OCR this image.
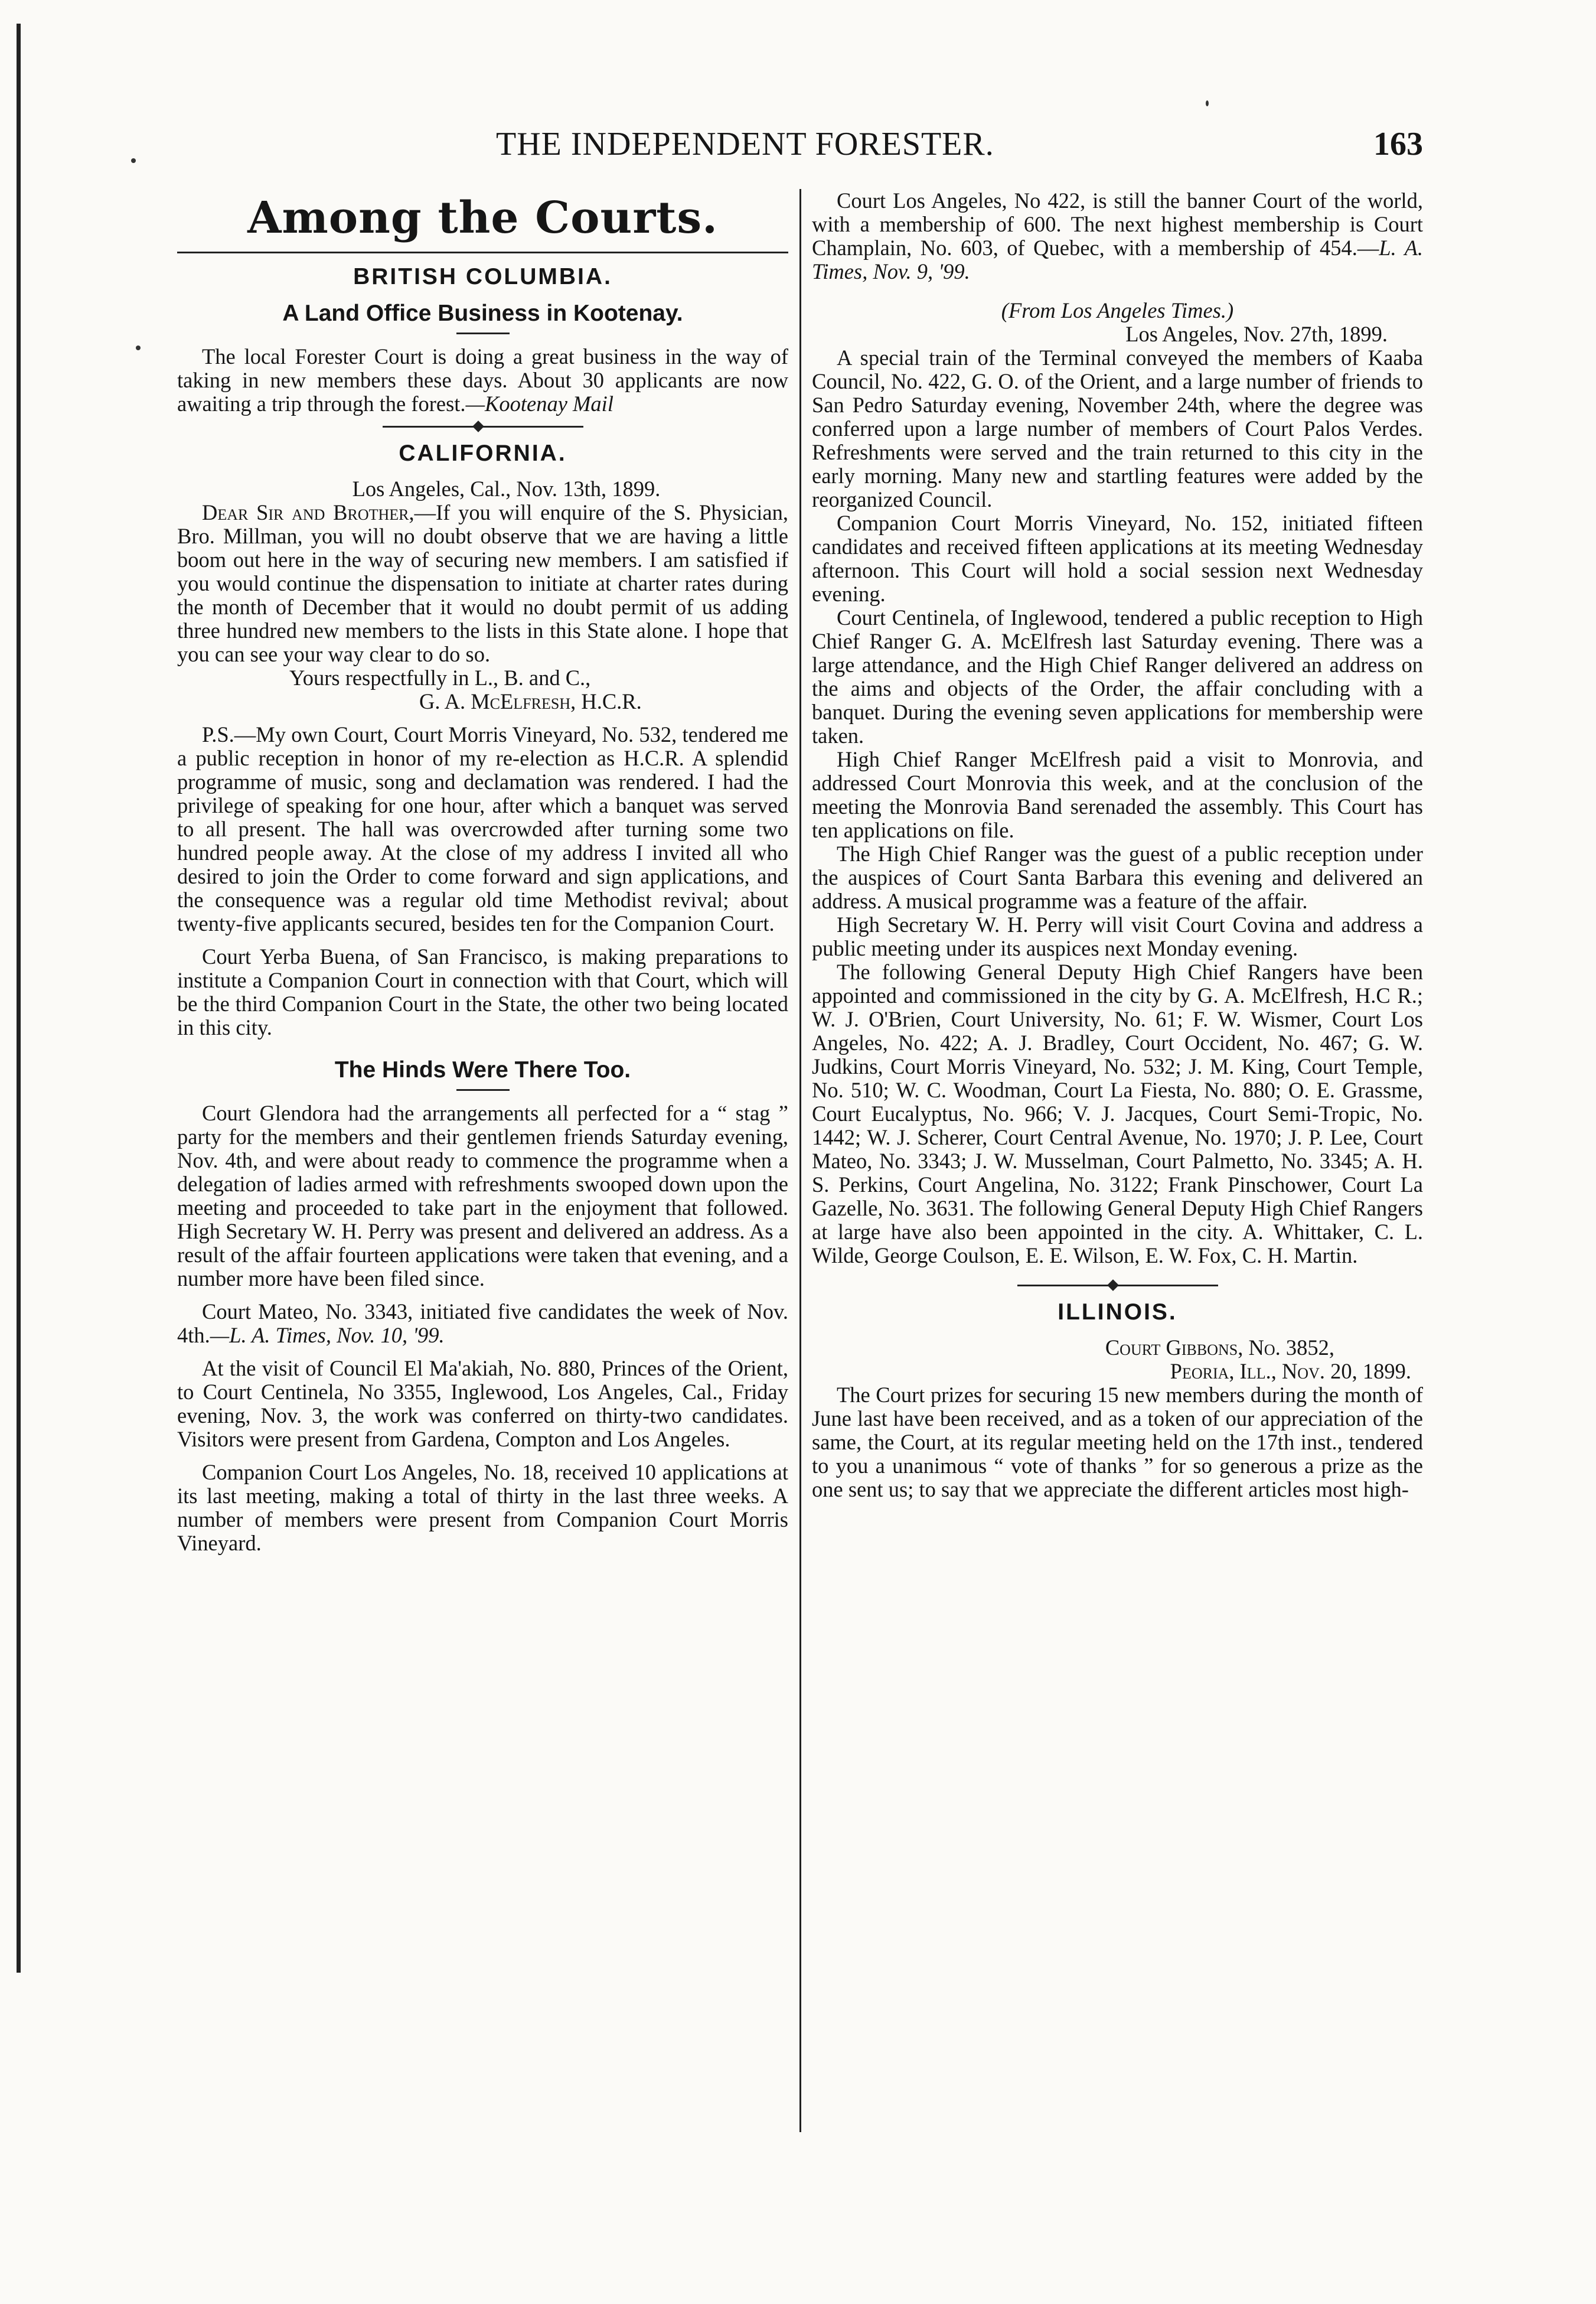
THE INDEPENDENT FORESTER.	163
Among the Courts.
BRITISH COLUMBIA.
A Land Office Business in Kootenay.

The local Forester Court is doing a great business in the way of taking in new members these days. About 30 applicants are now awaiting a trip through the forest.—Kootenay Mail

CALIFORNIA.
Los Angeles, Cal., Nov. 13th, 1899.

Dear Sir and Brother,—If you will enquire of the S. Physician, Bro. Millman, you will no doubt observe that we are having a little boom out here in the way of securing new members. I am satisfied if you would continue the dispensation to initiate at charter rates during the month of December that it would no doubt permit of us adding three hundred new members to the lists in this State alone. I hope that you can see your way clear to do so.

Yours respectfully in L., B. and C.,
G. A. McElfresh, H.C.R.

P.S.—My own Court, Court Morris Vineyard, No. 532, tendered me a public reception in honor of my re-election as H.C.R. A splendid programme of music, song and declamation was rendered. I had the privilege of speaking for one hour, after which a banquet was served to all present. The hall was overcrowded after turning some two hundred people away. At the close of my address I invited all who desired to join the Order to come forward and sign applications, and the consequence was a regular old time Methodist revival; about twenty-five applicants secured, besides ten for the Companion Court.

Court Yerba Buena, of San Francisco, is making preparations to institute a Companion Court in connection with that Court, which will be the third Companion Court in the State, the other two being located in this city.

The Hinds Were There Too.

Court Glendora had the arrangements all perfected for a “ stag ” party for the members and their gentlemen friends Saturday evening, Nov. 4th, and were about ready to commence the programme when a delegation of ladies armed with refreshments swooped down upon the meeting and proceeded to take part in the enjoyment that followed. High Secretary W. H. Perry was present and delivered an address. As a result of the affair fourteen applications were taken that evening, and a number more have been filed since.

Court Mateo, No. 3343, initiated five candidates the week of Nov. 4th.—L. A. Times, Nov. 10, '99.

At the visit of Council El Ma'akiah, No. 880, Princes of the Orient, to Court Centinela, No 3355, Inglewood, Los Angeles, Cal., Friday evening, Nov. 3, the work was conferred on thirty-two candidates. Visitors were present from Gardena, Compton and Los Angeles.

Companion Court Los Angeles, No. 18, received 10 applications at its last meeting, making a total of thirty in the last three weeks. A number of members were present from Companion Court Morris Vineyard.

Court Los Angeles, No 422, is still the banner Court of the world, with a membership of 600. The next highest membership is Court Champlain, No. 603, of Quebec, with a membership of 454.—L. A. Times, Nov. 9, '99.

(From Los Angeles Times.)
Los Angeles, Nov. 27th, 1899.

A special train of the Terminal conveyed the members of Kaaba Council, No. 422, G. O. of the Orient, and a large number of friends to San Pedro Saturday evening, November 24th, where the degree was conferred upon a large number of members of Court Palos Verdes. Refreshments were served and the train returned to this city in the early morning. Many new and startling features were added by the reorganized Council.

Companion Court Morris Vineyard, No. 152, initiated fifteen candidates and received fifteen applications at its meeting Wednesday afternoon. This Court will hold a social session next Wednesday evening.

Court Centinela, of Inglewood, tendered a public reception to High Chief Ranger G. A. McElfresh last Saturday evening. There was a large attendance, and the High Chief Ranger delivered an address on the aims and objects of the Order, the affair concluding with a banquet. During the evening seven applications for membership were taken.

High Chief Ranger McElfresh paid a visit to Monrovia, and addressed Court Monrovia this week, and at the conclusion of the meeting the Monrovia Band serenaded the assembly. This Court has ten applications on file.

The High Chief Ranger was the guest of a public reception under the auspices of Court Santa Barbara this evening and delivered an address. A musical programme was a feature of the affair.

High Secretary W. H. Perry will visit Court Covina and address a public meeting under its auspices next Monday evening.

The following General Deputy High Chief Rangers have been appointed and commissioned in the city by G. A. McElfresh, H.C R.; W. J. O'Brien, Court University, No. 61; F. W. Wismer, Court Los Angeles, No. 422; A. J. Bradley, Court Occident, No. 467; G. W. Judkins, Court Morris Vineyard, No. 532; J. M. King, Court Temple, No. 510; W. C. Woodman, Court La Fiesta, No. 880; O. E. Grassme, Court Eucalyptus, No. 966; V. J. Jacques, Court Semi-Tropic, No. 1442; W. J. Scherer, Court Central Avenue, No. 1970; J. P. Lee, Court Mateo, No. 3343; J. W. Musselman, Court Palmetto, No. 3345; A. H. S. Perkins, Court Angelina, No. 3122; Frank Pinschower, Court La Gazelle, No. 3631. The following General Deputy High Chief Rangers at large have also been appointed in the city. A. Whittaker, C. L. Wilde, George Coulson, E. E. Wilson, E. W. Fox, C. H. Martin.

ILLINOIS.
Court Gibbons, No. 3852,
Peoria, Ill., Nov. 20, 1899.

The Court prizes for securing 15 new members during the month of June last have been received, and as a token of our appreciation of the same, the Court, at its regular meeting held on the 17th inst., tendered to you a unanimous “ vote of thanks ” for so generous a prize as the one sent us; to say that we appreciate the different articles most high-
